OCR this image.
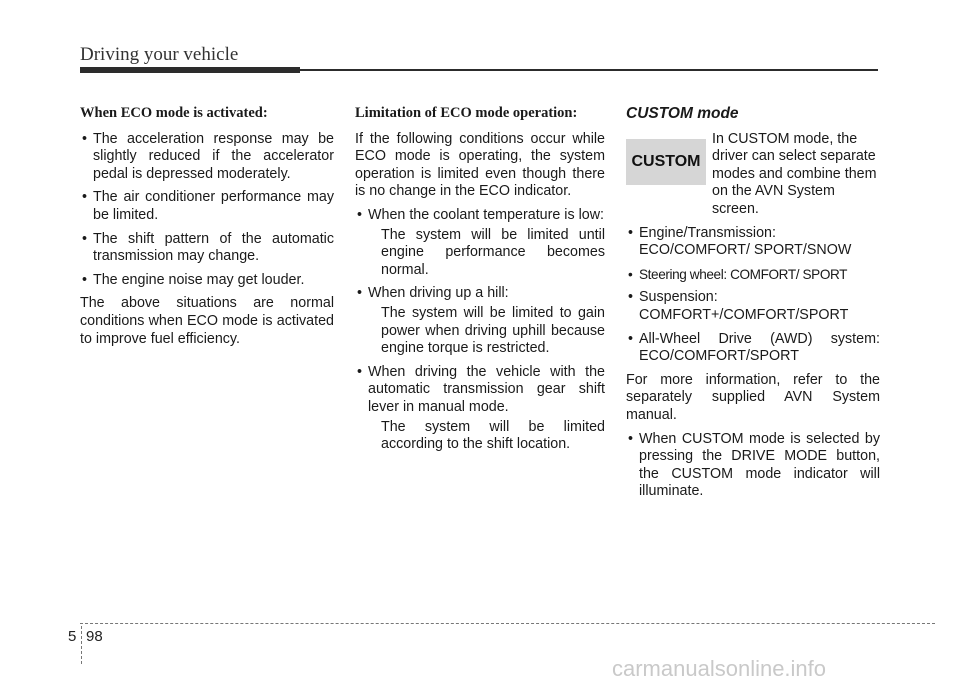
Driving your vehicle
When ECO mode is activated:
• The acceleration response may be slightly reduced if the accelerator pedal is depressed moderately.
• The air conditioner performance may be limited.
• The shift pattern of the automatic transmission may change.
• The engine noise may get louder.

The above situations are normal conditions when ECO mode is activated to improve fuel efficiency.

Limitation of ECO mode operation:

If the following conditions occur while ECO mode is operating, the system operation is limited even though there is no change in the ECO indicator.

• When the coolant temperature is low:

The system will be limited until engine performance becomes normal.

• When driving up a hill:

The system will be limited to gain power when driving uphill because engine torque is restricted.

• When driving the vehicle with the automatic transmission gear shift lever in manual mode.

The system will be limited according to the shift location.

CUSTOM mode
CUSTOM

In CUSTOM mode, the driver can select separate modes and combine them on the AVN System screen.

• Engine/Transmission: ECO/COMFORT/ SPORT/SNOW
• Steering wheel: COMFORT/ SPORT
• Suspension: COMFORT+/COMFORT/SPORT
• All-Wheel Drive (AWD) system: ECO/COMFORT/SPORT

For more information, refer to the separately supplied AVN System manual.

• When CUSTOM mode is selected by pressing the DRIVE MODE button, the CUSTOM mode indicator will illuminate.
5 98
carmanualsonline.info
